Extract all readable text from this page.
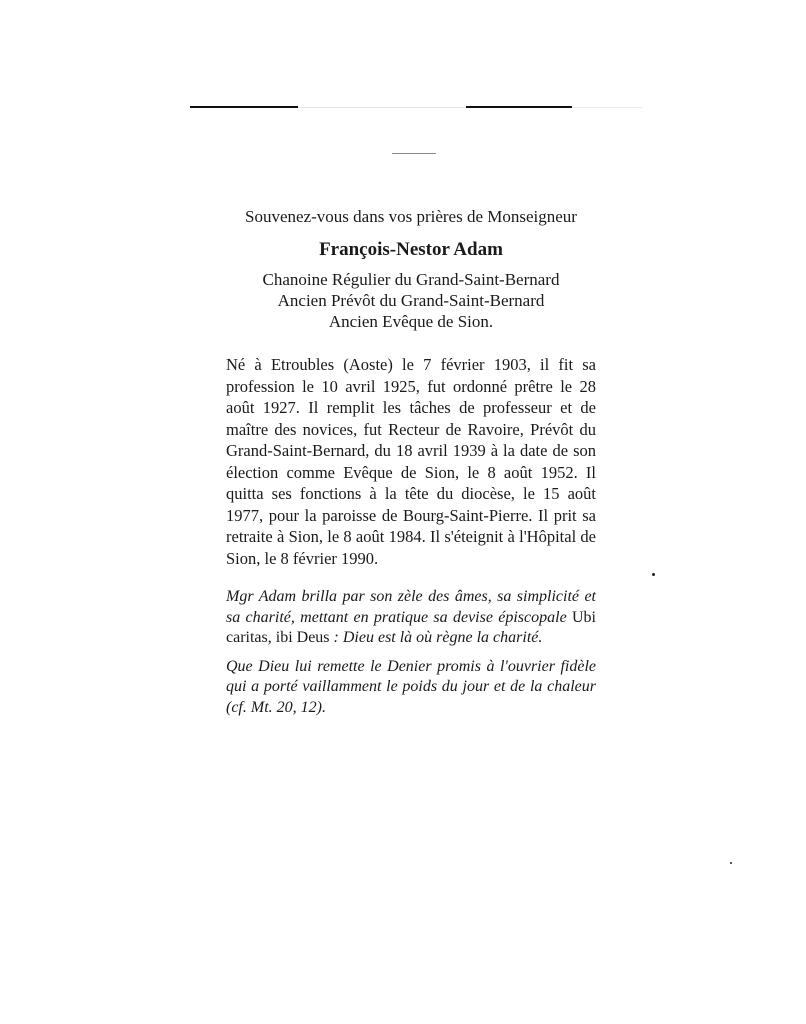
Souvenez-vous dans vos prières de Monseigneur

François-Nestor Adam

Chanoine Régulier du Grand-Saint-Bernard
Ancien Prévôt du Grand-Saint-Bernard
Ancien Evêque de Sion.

Né à Etroubles (Aoste) le 7 février 1903, il fit sa profession le 10 avril 1925, fut ordonné prêtre le 28 août 1927. Il remplit les tâches de professeur et de maître des novices, fut Recteur de Ravoire, Prévôt du Grand-Saint-Bernard, du 18 avril 1939 à la date de son élection comme Evêque de Sion, le 8 août 1952. Il quitta ses fonctions à la tête du diocèse, le 15 août 1977, pour la paroisse de Bourg-Saint-Pierre. Il prit sa retraite à Sion, le 8 août 1984. Il s'éteignit à l'Hôpital de Sion, le 8 février 1990.

Mgr Adam brilla par son zèle des âmes, sa simplicité et sa charité, mettant en pratique sa devise épiscopale Ubi caritas, ibi Deus : Dieu est là où règne la charité.

Que Dieu lui remette le Denier promis à l'ouvrier fidèle qui a porté vaillamment le poids du jour et de la chaleur (cf. Mt. 20, 12).
